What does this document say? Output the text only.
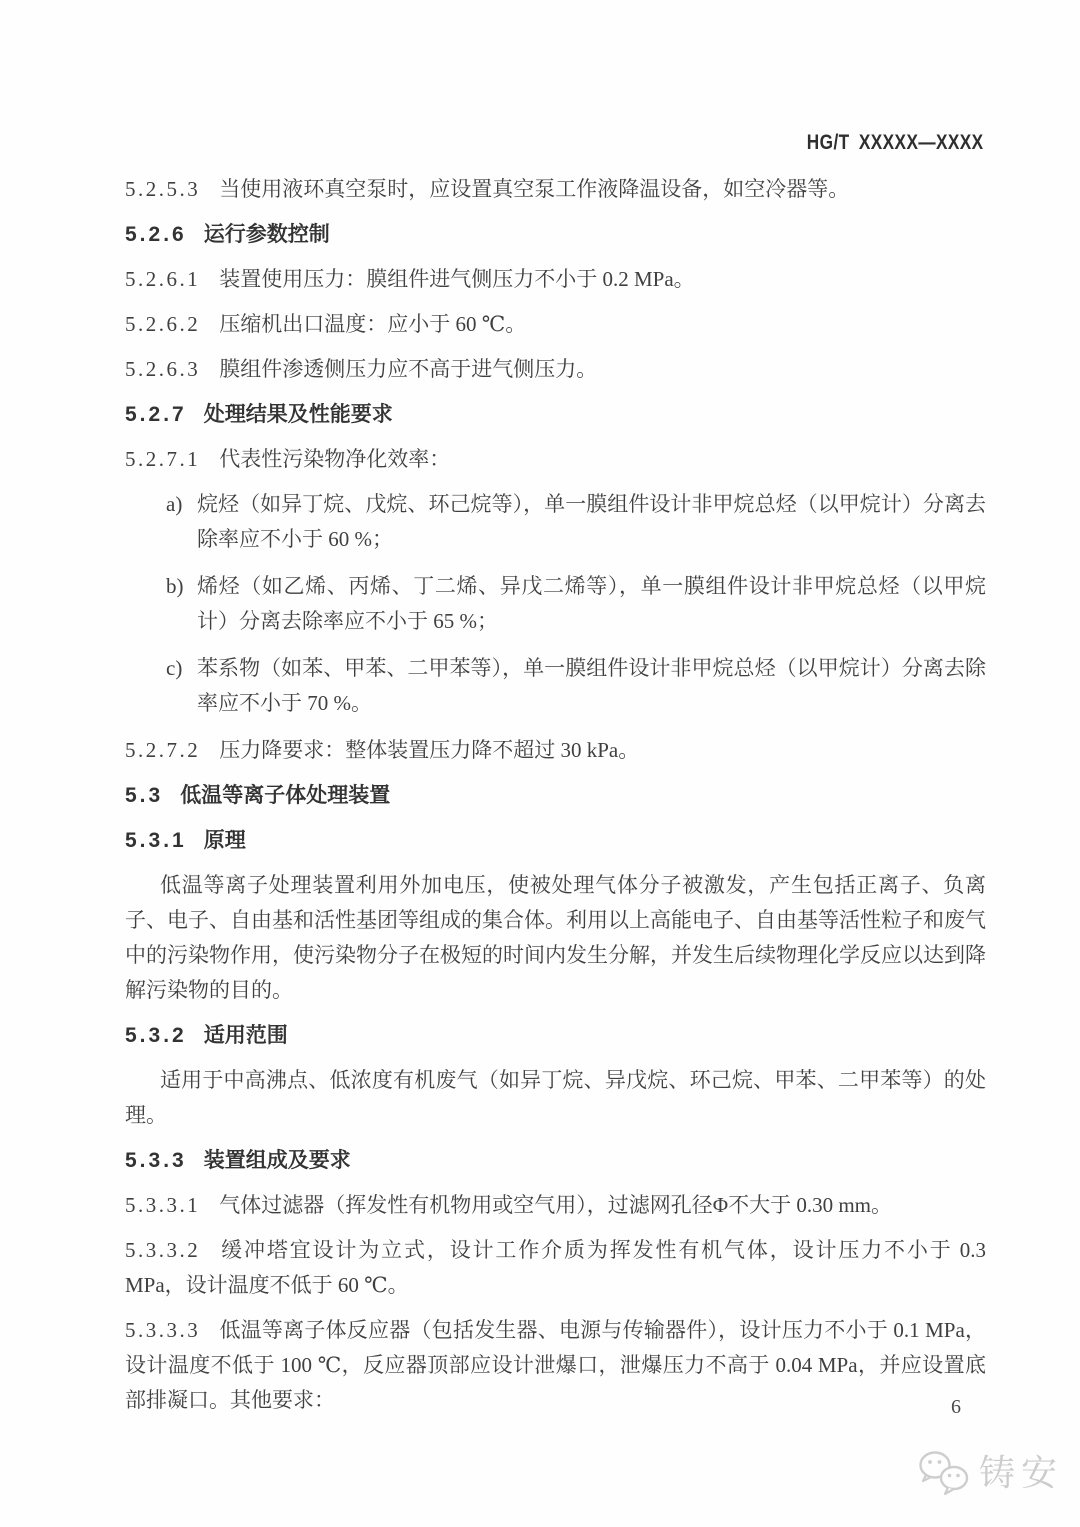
HG/T XXXXX—XXXX

5.2.5.3 当使用液环真空泵时，应设置真空泵工作液降温设备，如空冷器等。

5.2.6 运行参数控制

5.2.6.1 装置使用压力：膜组件进气侧压力不小于 0.2 MPa。

5.2.6.2 压缩机出口温度：应小于 60 ℃。

5.2.6.3 膜组件渗透侧压力应不高于进气侧压力。

5.2.7 处理结果及性能要求

5.2.7.1 代表性污染物净化效率：

a) 烷烃（如异丁烷、戊烷、环己烷等），单一膜组件设计非甲烷总烃（以甲烷计）分离去除率应不小于 60 %；
b) 烯烃（如乙烯、丙烯、丁二烯、异戊二烯等），单一膜组件设计非甲烷总烃（以甲烷计）分离去除率应不小于 65 %；
c) 苯系物（如苯、甲苯、二甲苯等），单一膜组件设计非甲烷总烃（以甲烷计）分离去除率应不小于 70 %。

5.2.7.2 压力降要求：整体装置压力降不超过 30 kPa。

5.3 低温等离子体处理装置

5.3.1 原理

低温等离子处理装置利用外加电压，使被处理气体分子被激发，产生包括正离子、负离子、电子、自由基和活性基团等组成的集合体。利用以上高能电子、自由基等活性粒子和废气中的污染物作用，使污染物分子在极短的时间内发生分解，并发生后续物理化学反应以达到降解污染物的目的。

5.3.2 适用范围

适用于中高沸点、低浓度有机废气（如异丁烷、异戊烷、环己烷、甲苯、二甲苯等）的处理。

5.3.3 装置组成及要求

5.3.3.1 气体过滤器（挥发性有机物用或空气用），过滤网孔径Φ不大于 0.30 mm。

5.3.3.2 缓冲塔宜设计为立式，设计工作介质为挥发性有机气体，设计压力不小于 0.3 MPa，设计温度不低于 60 ℃。

5.3.3.3 低温等离子体反应器（包括发生器、电源与传输器件），设计压力不小于 0.1 MPa，设计温度不低于 100 ℃，反应器顶部应设计泄爆口，泄爆压力不高于 0.04 MPa，并应设置底部排凝口。其他要求：	6
铸安
